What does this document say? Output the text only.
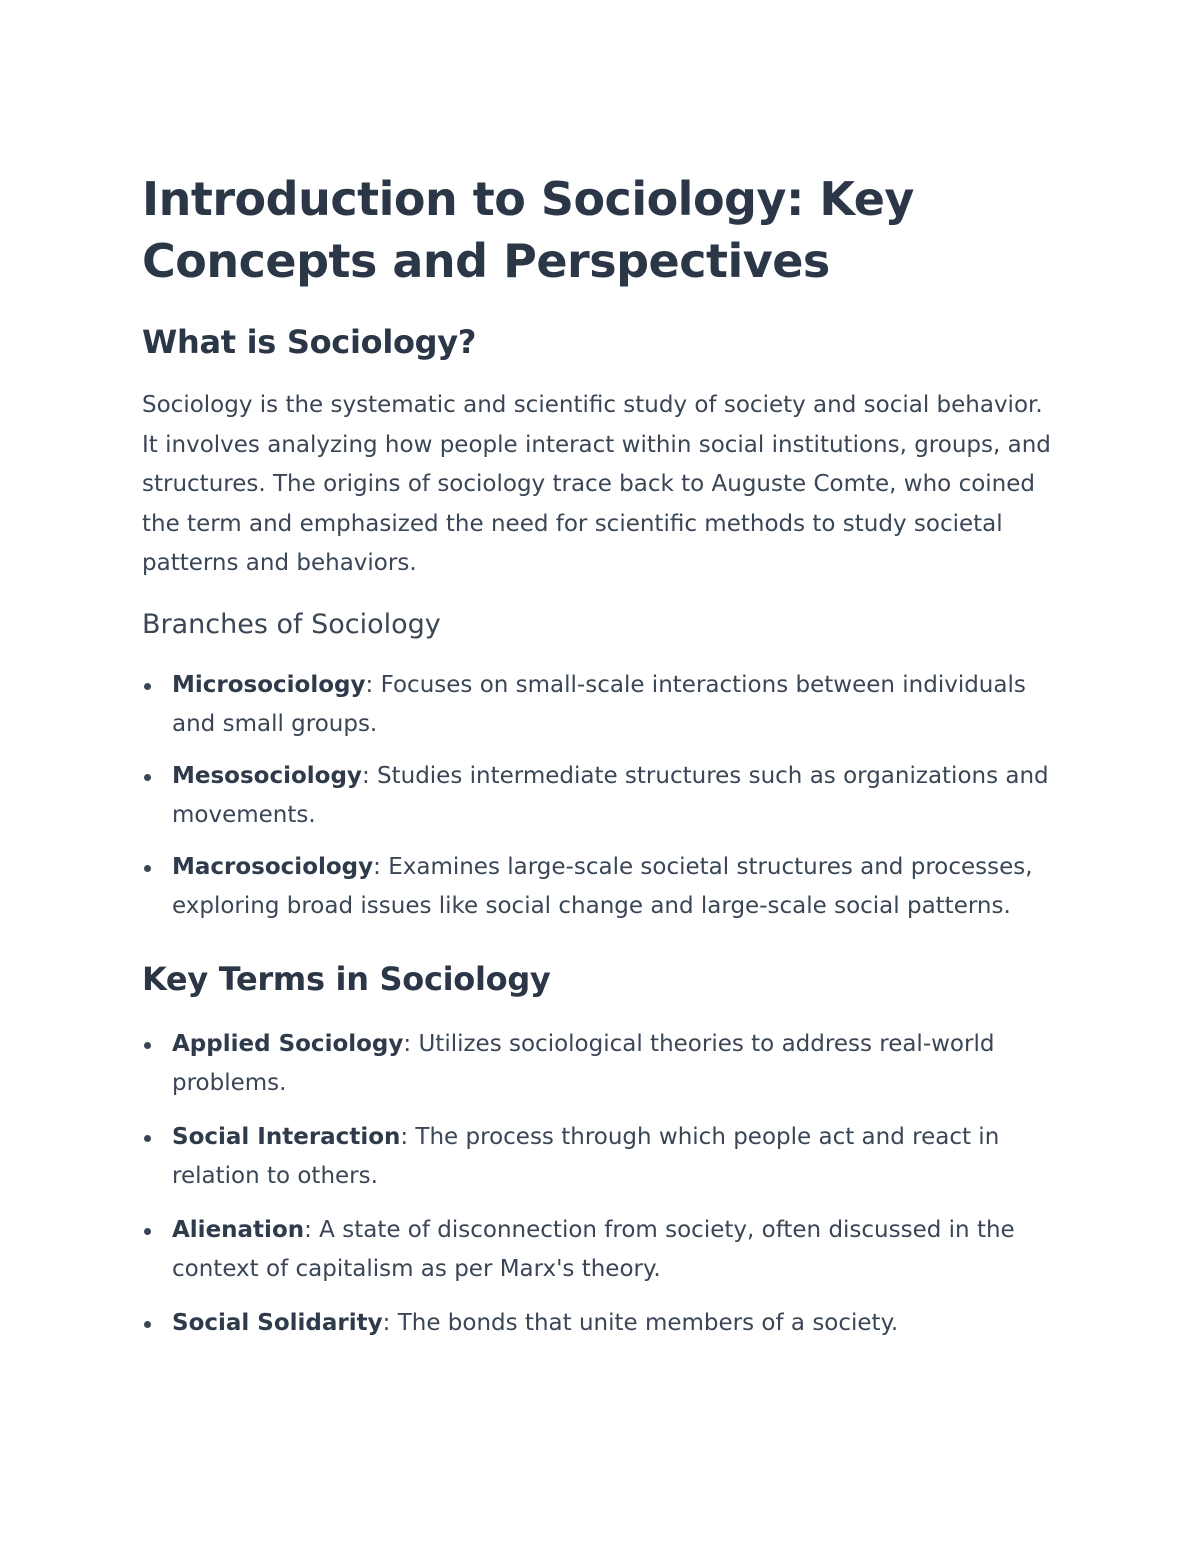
Introduction to Sociology: Key Concepts and Perspectives
What is Sociology?

Sociology is the systematic and scientific study of society and social behavior. It involves analyzing how people interact within social institutions, groups, and structures. The origins of sociology trace back to Auguste Comte, who coined the term and emphasized the need for scientific methods to study societal patterns and behaviors.

Branches of Sociology
Microsociology: Focuses on small-scale interactions between individuals and small groups.
Mesosociology: Studies intermediate structures such as organizations and movements.
Macrosociology: Examines large-scale societal structures and processes, exploring broad issues like social change and large-scale social patterns.
Key Terms in Sociology
Applied Sociology: Utilizes sociological theories to address real-world problems.
Social Interaction: The process through which people act and react in relation to others.
Alienation: A state of disconnection from society, often discussed in the context of capitalism as per Marx's theory.
Social Solidarity: The bonds that unite members of a society.
